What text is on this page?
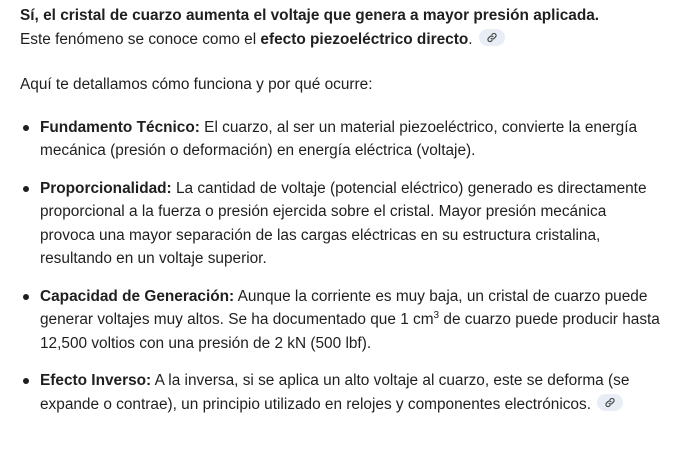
Sí, el cristal de cuarzo aumenta el voltaje que genera a mayor presión aplicada.
Este fenómeno se conoce como el efecto piezoeléctrico directo.

Aquí te detallamos cómo funciona y por qué ocurre:

Fundamento Técnico: El cuarzo, al ser un material piezoeléctrico, convierte la energía mecánica (presión o deformación) en energía eléctrica (voltaje).
Proporcionalidad: La cantidad de voltaje (potencial eléctrico) generado es directamente proporcional a la fuerza o presión ejercida sobre el cristal. Mayor presión mecánica provoca una mayor separación de las cargas eléctricas en su estructura cristalina, resultando en un voltaje superior.
Capacidad de Generación: Aunque la corriente es muy baja, un cristal de cuarzo puede generar voltajes muy altos. Se ha documentado que 1 $cm^3$ de cuarzo puede producir hasta 12,500 voltios con una presión de 2 kN (500 lbf).
Efecto Inverso: A la inversa, si se aplica un alto voltaje al cuarzo, este se deforma (se expande o contrae), un principio utilizado en relojes y componentes electrónicos.
